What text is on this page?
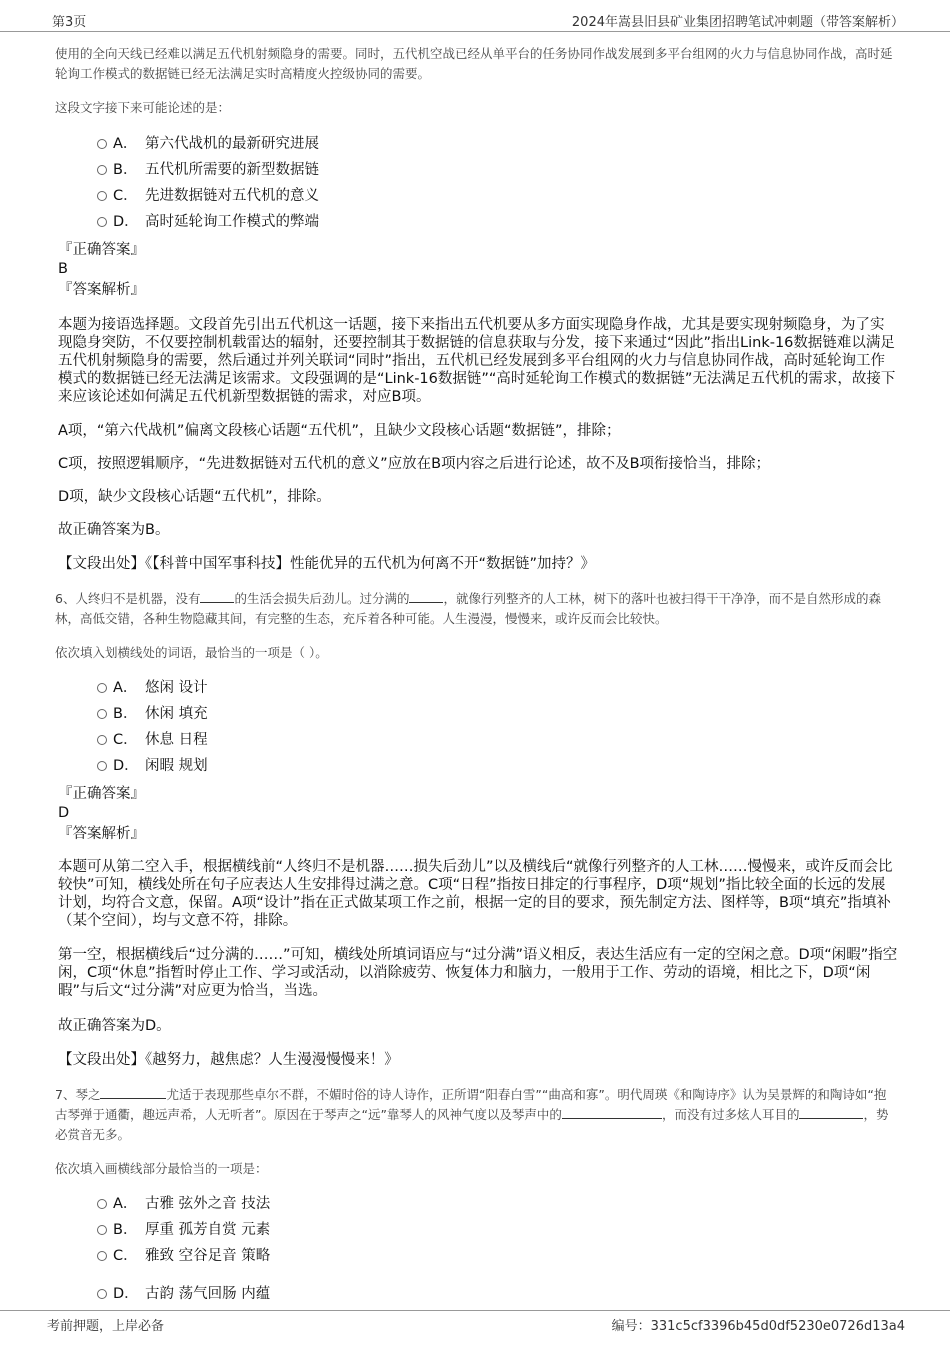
第3页	2024年嵩县旧县矿业集团招聘笔试冲刺题（带答案解析）
使用的全向天线已经难以满足五代机射频隐身的需要。同时，五代机空战已经从单平台的任务协同作战发展到多平台组网的火力与信息协同作战，高时延轮询工作模式的数据链已经无法满足实时高精度火控级协同的需要。
这段文字接下来可能论述的是：
A． 第六代战机的最新研究进展
B． 五代机所需要的新型数据链
C． 先进数据链对五代机的意义
D． 高时延轮询工作模式的弊端
『正确答案』
B
『答案解析』
本题为接语选择题。文段首先引出五代机这一话题，接下来指出五代机要从多方面实现隐身作战，尤其是要实现射频隐身，为了实现隐身突防，不仅要控制机载雷达的辐射，还要控制其于数据链的信息获取与分发，接下来通过“因此”指出Link-16数据链难以满足五代机射频隐身的需要，然后通过并列关联词“同时”指出，五代机已经发展到多平台组网的火力与信息协同作战，高时延轮询工作模式的数据链已经无法满足该需求。文段强调的是“Link-16数据链”“高时延轮询工作模式的数据链”无法满足五代机的需求，故接下来应该论述如何满足五代机新型数据链的需求，对应B项。
A项，“第六代战机”偏离文段核心话题“五代机”，且缺少文段核心话题“数据链”，排除；
C项，按照逻辑顺序，“先进数据链对五代机的意义”应放在B项内容之后进行论述，故不及B项衔接恰当，排除；
D项，缺少文段核心话题“五代机”，排除。
故正确答案为B。
【文段出处】《【科普中国军事科技】性能优异的五代机为何离不开“数据链”加持？》
6、人终归不是机器，没有	的生活会损失后劲儿。过分满的	，就像行列整齐的人工林，树下的落叶也被扫得干干净净，而不是自然形成的森林，高低交错，各种生物隐藏其间，有完整的生态，充斥着各种可能。人生漫漫，慢慢来，或许反而会比较快。
依次填入划横线处的词语，最恰当的一项是（ ）。
A． 悠闲 设计
B． 休闲 填充
C． 休息 日程
D． 闲暇 规划
『正确答案』
D
『答案解析』
本题可从第二空入手，根据横线前“人终归不是机器……损失后劲儿”以及横线后“就像行列整齐的人工林……慢慢来，或许反而会比较快”可知，横线处所在句子应表达人生安排得过满之意。C项“日程”指按日排定的行事程序，D项“规划”指比较全面的长远的发展计划，均符合文意，保留。A项“设计”指在正式做某项工作之前，根据一定的目的要求，预先制定方法、图样等，B项“填充”指填补（某个空间），均与文意不符，排除。
第一空，根据横线后“过分满的……”可知，横线处所填词语应与“过分满”语义相反，表达生活应有一定的空闲之意。D项“闲暇”指空闲，C项“休息”指暂时停止工作、学习或活动，以消除疲劳、恢复体力和脑力，一般用于工作、劳动的语境，相比之下，D项“闲暇”与后文“过分满”对应更为恰当，当选。
故正确答案为D。
【文段出处】《越努力，越焦虑？人生漫漫慢慢来！》
7、琴之	尤适于表现那些卓尔不群，不媚时俗的诗人诗作，正所谓“阳春白雪”“曲高和寡”。明代周瑛《和陶诗序》认为吴景辉的和陶诗如“抱古琴弹于通衢，趣远声希，人无听者”。原因在于琴声之“远”靠琴人的风神气度以及琴声中的	，而没有过多炫人耳目的	，势必赏音无多。
依次填入画横线部分最恰当的一项是：
A． 古雅 弦外之音 技法
B． 厚重 孤芳自赏 元素
C． 雅致 空谷足音 策略
D． 古韵 荡气回肠 内蕴
考前押题，上岸必备	编号：331c5cf3396b45d0df5230e0726d13a4
